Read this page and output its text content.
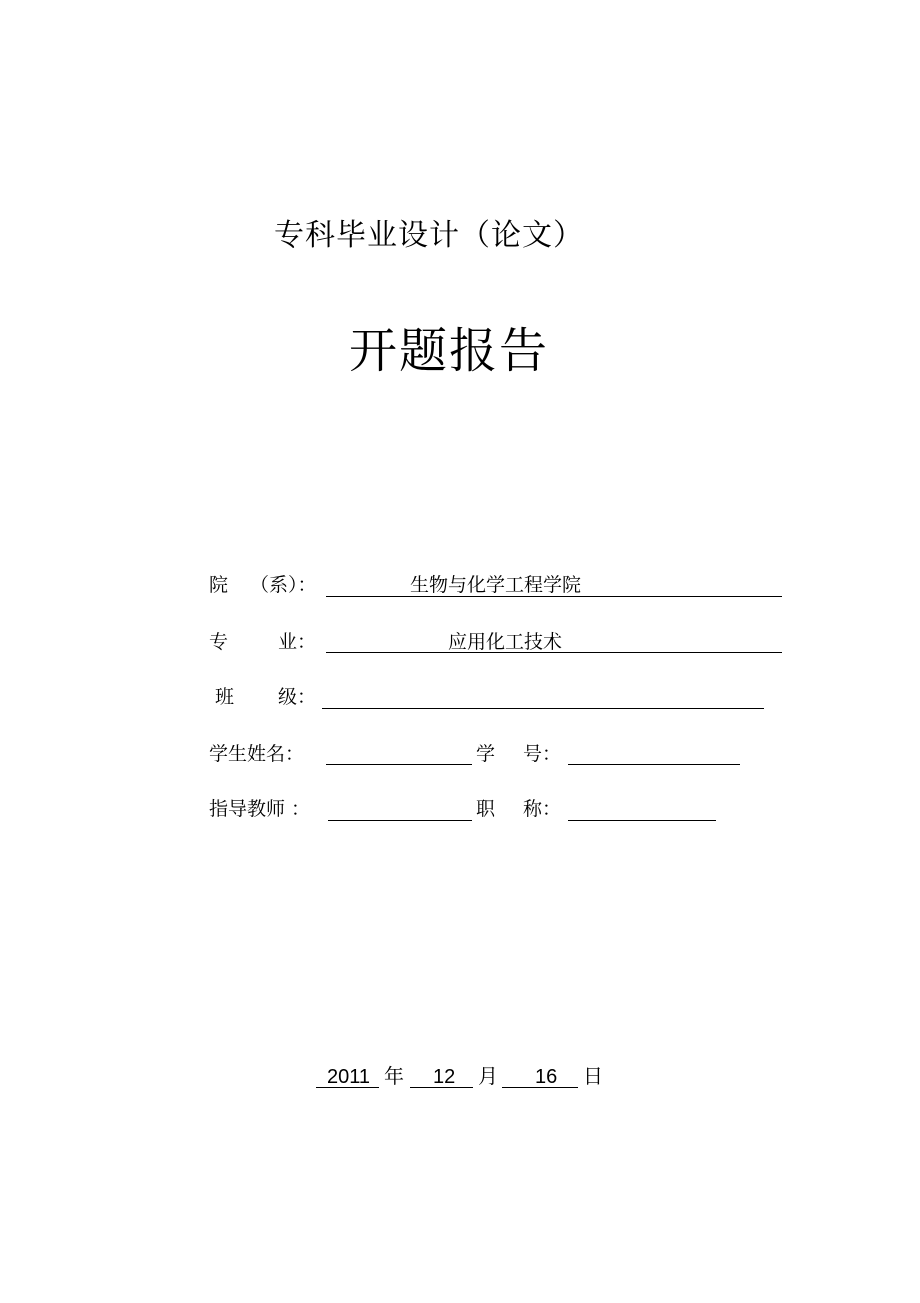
专科毕业设计（论文）
开题报告
院 （系）：	生物与化学工程学院
专	业：	应用化工技术
班 级：
学生姓名：	学 号：
指导教师 ：	职 称：
2011 年 12 月 16 日
